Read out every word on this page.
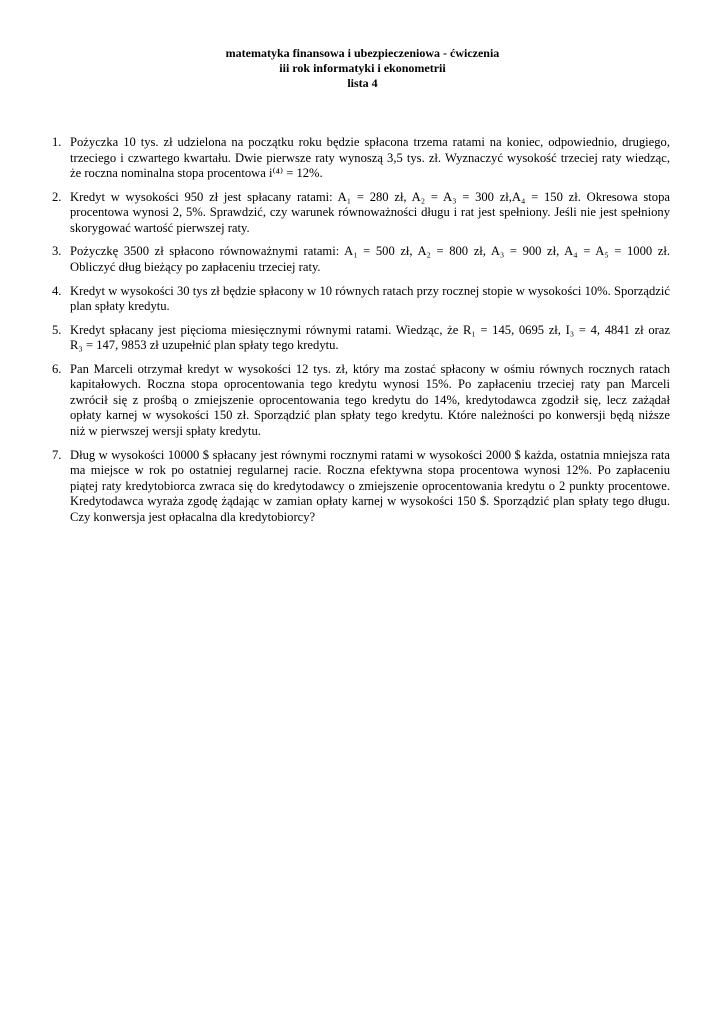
matematyka finansowa i ubezpieczeniowa - ćwiczenia
iii rok informatyki i ekonometrii
lista 4
1. Pożyczka 10 tys. zł udzielona na początku roku będzie spłacona trzema ratami na koniec, odpowiednio, drugiego,
trzeciego i czwartego kwartału. Dwie pierwsze raty wynoszą 3,5 tys. zł. Wyznaczyć wysokość trzeciej raty wiedząc,
że roczna nominalna stopa procentowa i⁽⁴⁾ = 12%.
2. Kredyt w wysokości 950 zł jest spłacany ratami: A₁ = 280 zł, A₂ = A₃ = 300 zł,A₄ = 150 zł. Okresowa stopa
procentowa wynosi 2, 5%. Sprawdzić, czy warunek równoważności długu i rat jest spełniony. Jeśli nie jest spełniony
skorygować wartość pierwszej raty.
3. Pożyczkę 3500 zł spłacono równoważnymi ratami: A₁ = 500 zł, A₂ = 800 zł, A₃ = 900 zł, A₄ = A₅ = 1000 zł.
Obliczyć dług bieżący po zapłaceniu trzeciej raty.
4. Kredyt w wysokości 30 tys zł będzie spłacony w 10 równych ratach przy rocznej stopie w wysokości 10%. Sporządzić
plan spłaty kredytu.
5. Kredyt spłacany jest pięcioma miesięcznymi równymi ratami. Wiedząc, że R₁ = 145, 0695 zł, I₃ = 4, 4841 zł oraz
R₃ = 147, 9853 zł uzupełnić plan spłaty tego kredytu.
6. Pan Marceli otrzymał kredyt w wysokości 12 tys. zł, który ma zostać spłacony w ośmiu równych rocznych ratach
kapitałowych. Roczna stopa oprocentowania tego kredytu wynosi 15%. Po zapłaceniu trzeciej raty pan Marceli
zwrócił się z prośbą o zmiejszenie oprocentowania tego kredytu do 14%, kredytodawca zgodził się, lecz zażądał
opłaty karnej w wysokości 150 zł. Sporządzić plan spłaty tego kredytu. Które należności po konwersji będą niższe
niż w pierwszej wersji spłaty kredytu.
7. Dług w wysokości 10000 $ spłacany jest równymi rocznymi ratami w wysokości 2000 $ każda, ostatnia mniejsza rata
ma miejsce w rok po ostatniej regularnej racie. Roczna efektywna stopa procentowa wynosi 12%. Po zapłaceniu
piątej raty kredytobiorca zwraca się do kredytodawcy o zmiejszenie oprocentowania kredytu o 2 punkty procentowe.
Kredytodawca wyraża zgodę żądając w zamian opłaty karnej w wysokości 150 $. Sporządzić plan spłaty tego długu.
Czy konwersja jest opłacalna dla kredytobiorcy?
